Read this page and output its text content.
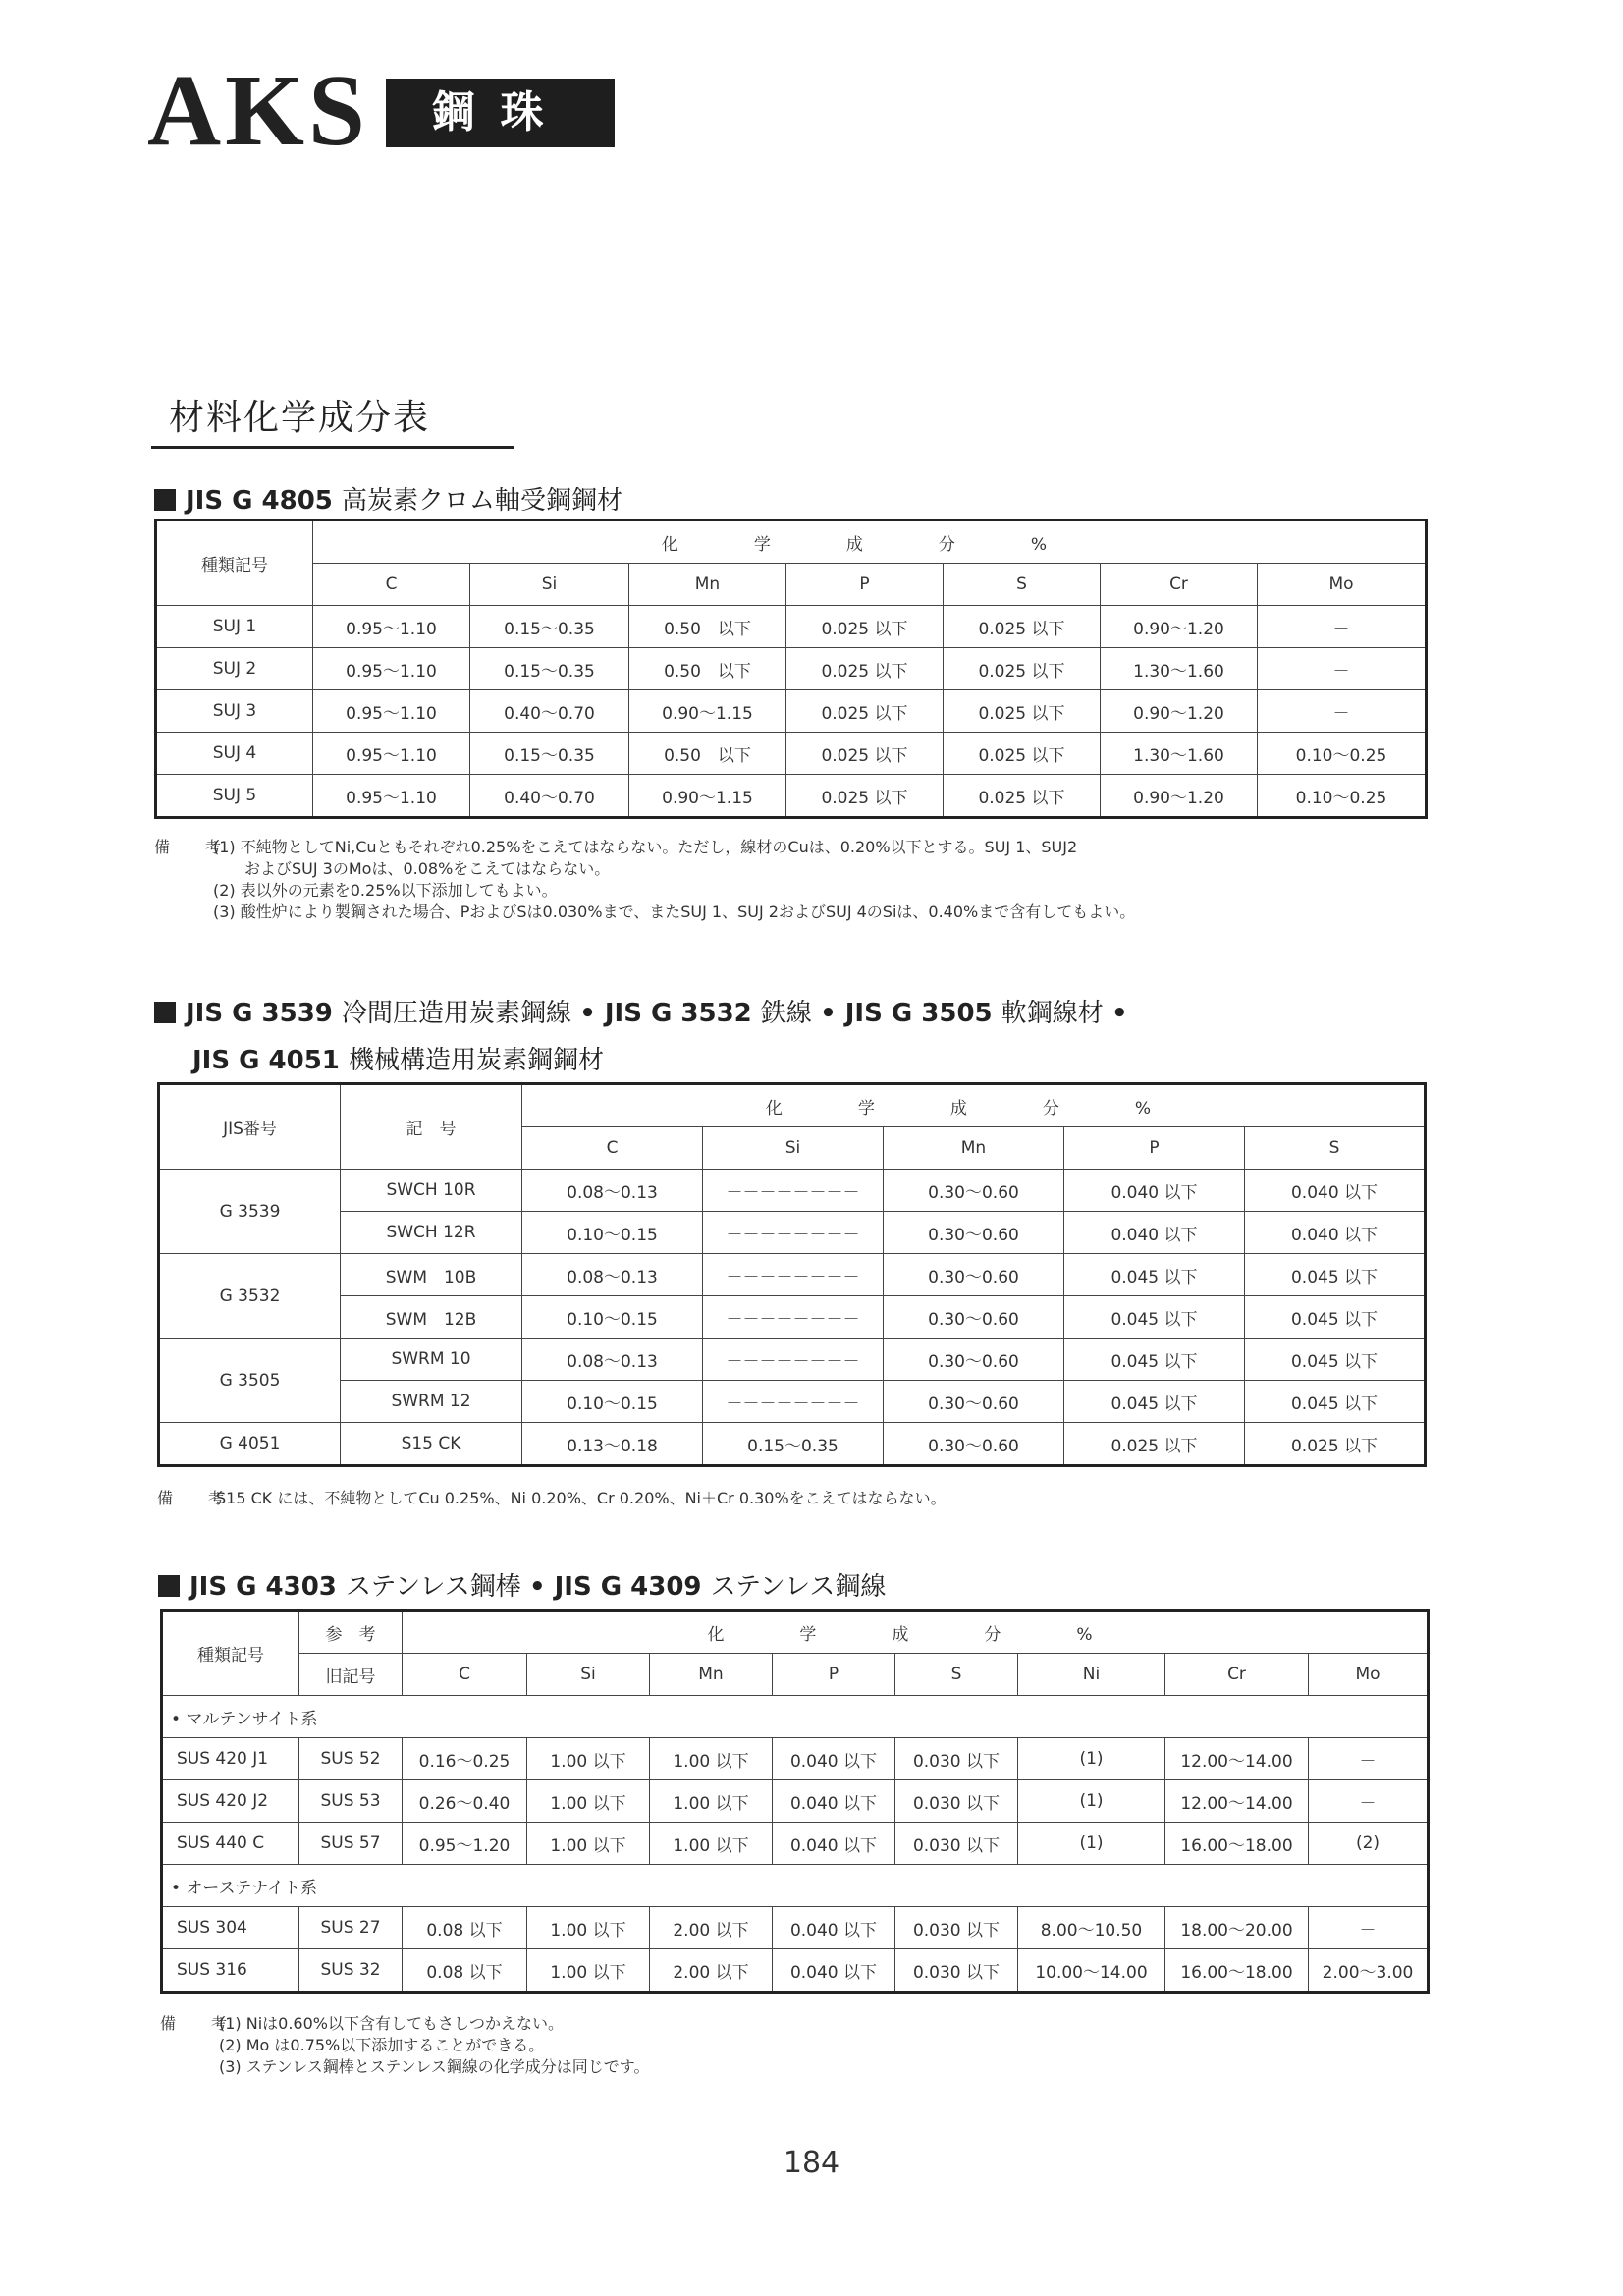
AKS	鋼珠
材料化学成分表
JIS G 4805 高炭素クロム軸受鋼鋼材
種類記号	化　学　成　分　%						
	C	Si	Mn	P	S	Cr	Mo
SUJ 1	0.95～1.10	0.15～0.35	0.50　以下	0.025 以下	0.025 以下	0.90～1.20	－
SUJ 2	0.95～1.10	0.15～0.35	0.50　以下	0.025 以下	0.025 以下	1.30～1.60	－
SUJ 3	0.95～1.10	0.40～0.70	0.90～1.15	0.025 以下	0.025 以下	0.90～1.20	－
SUJ 4	0.95～1.10	0.15～0.35	0.50　以下	0.025 以下	0.025 以下	1.30～1.60	0.10～0.25
SUJ 5	0.95～1.10	0.40～0.70	0.90～1.15	0.025 以下	0.025 以下	0.90～1.20	0.10～0.25
備　考
(1) 不純物としてNi,Cuともそれぞれ0.25%をこえてはならない。ただし，線材のCuは、0.20%以下とする。SUJ 1、SUJ2
　　およびSUJ 3のMoは、0.08%をこえてはならない。
(2) 表以外の元素を0.25%以下添加してもよい。
(3) 酸性炉により製鋼された場合、PおよびSは0.030%まで、またSUJ 1、SUJ 2およびSUJ 4のSiは、0.40%まで含有してもよい。
JIS G 3539 冷間圧造用炭素鋼線 • JIS G 3532 鉄線 • JIS G 3505 軟鋼線材 •
JIS G 4051 機械構造用炭素鋼鋼材
JIS番号	記　号	化　学　成　分　%				
		C	Si	Mn	P	S
G 3539	SWCH 10R	0.08～0.13	－－－－－－－－	0.30～0.60	0.040 以下	0.040 以下
	SWCH 12R	0.10～0.15	－－－－－－－－	0.30～0.60	0.040 以下	0.040 以下
G 3532	SWM　10B	0.08～0.13	－－－－－－－－	0.30～0.60	0.045 以下	0.045 以下
	SWM　12B	0.10～0.15	－－－－－－－－	0.30～0.60	0.045 以下	0.045 以下
G 3505	SWRM 10	0.08～0.13	－－－－－－－－	0.30～0.60	0.045 以下	0.045 以下
	SWRM 12	0.10～0.15	－－－－－－－－	0.30～0.60	0.045 以下	0.045 以下
G 4051	S15 CK	0.13～0.18	0.15～0.35	0.30～0.60	0.025 以下	0.025 以下
備　考
S15 CK には、不純物としてCu 0.25%、Ni 0.20%、Cr 0.20%、Ni＋Cr 0.30%をこえてはならない。
JIS G 4303 ステンレス鋼棒 • JIS G 4309 ステンレス鋼線
種類記号	参　考	化　学　成　分　%							
	旧記号	C	Si	Mn	P	S	Ni	Cr	Mo
• マルテンサイト系									
SUS 420 J1	SUS 52	0.16～0.25	1.00 以下	1.00 以下	0.040 以下	0.030 以下	(1)	12.00～14.00	－
SUS 420 J2	SUS 53	0.26～0.40	1.00 以下	1.00 以下	0.040 以下	0.030 以下	(1)	12.00～14.00	－
SUS 440 C	SUS 57	0.95～1.20	1.00 以下	1.00 以下	0.040 以下	0.030 以下	(1)	16.00～18.00	(2)
• オーステナイト系									
SUS 304	SUS 27	0.08 以下	1.00 以下	2.00 以下	0.040 以下	0.030 以下	8.00～10.50	18.00～20.00	－
SUS 316	SUS 32	0.08 以下	1.00 以下	2.00 以下	0.040 以下	0.030 以下	10.00～14.00	16.00～18.00	2.00～3.00
備　考
(1) Niは0.60%以下含有してもさしつかえない。
(2) Mo は0.75%以下添加することができる。
(3) ステンレス鋼棒とステンレス鋼線の化学成分は同じです。
184
